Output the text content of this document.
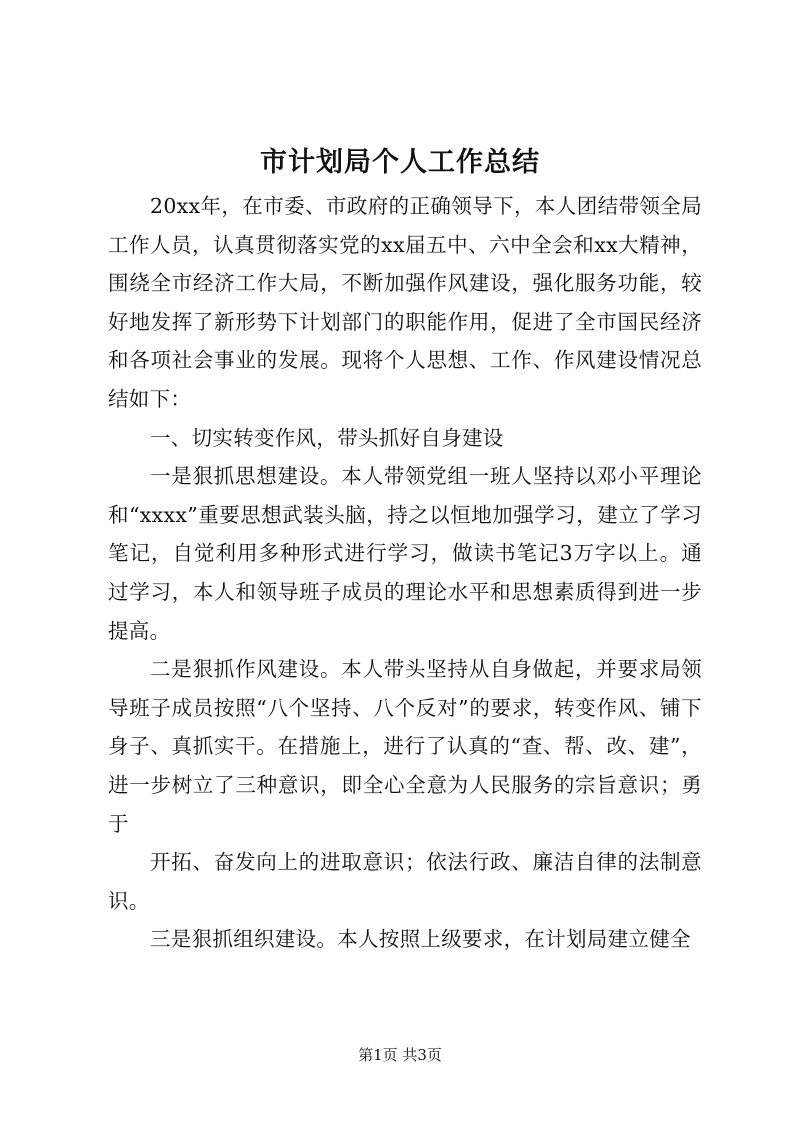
市计划局个人工作总结

20xx年，在市委、市政府的正确领导下，本人团结带领全局工作人员，认真贯彻落实党的xx届五中、六中全会和xx大精神，围绕全市经济工作大局，不断加强作风建设，强化服务功能，较好地发挥了新形势下计划部门的职能作用，促进了全市国民经济和各项社会事业的发展。现将个人思想、工作、作风建设情况总结如下：

一、切实转变作风，带头抓好自身建设

一是狠抓思想建设。本人带领党组一班人坚持以邓小平理论和“xxxx”重要思想武装头脑，持之以恒地加强学习，建立了学习笔记，自觉利用多种形式进行学习，做读书笔记3万字以上。通过学习，本人和领导班子成员的理论水平和思想素质得到进一步提高。

二是狠抓作风建设。本人带头坚持从自身做起，并要求局领导班子成员按照“八个坚持、八个反对”的要求，转变作风、铺下身子、真抓实干。在措施上，进行了认真的“查、帮、改、建”，进一步树立了三种意识，即全心全意为人民服务的宗旨意识；勇于

开拓、奋发向上的进取意识；依法行政、廉洁自律的法制意识。

三是狠抓组织建设。本人按照上级要求，在计划局建立健全

第1页 共3页
